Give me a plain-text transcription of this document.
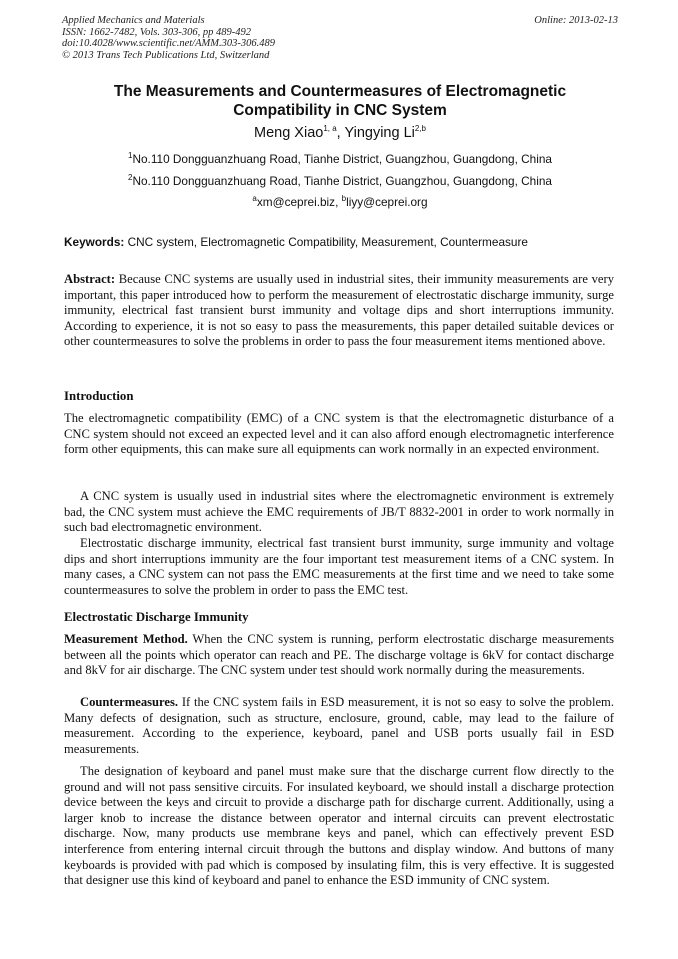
Applied Mechanics and Materials
ISSN: 1662-7482, Vols. 303-306, pp 489-492
doi:10.4028/www.scientific.net/AMM.303-306.489
© 2013 Trans Tech Publications Ltd, Switzerland
Online: 2013-02-13
The Measurements and Countermeasures of Electromagnetic
Compatibility in CNC System
Meng Xiao$^{1, a}$, Yingying Li$^{2,b}$
$^1$No.110 Dongguanzhuang Road, Tianhe District, Guangzhou, Guangdong, China
$^2$No.110 Dongguanzhuang Road, Tianhe District, Guangzhou, Guangdong, China
$^a$xm@ceprei.biz, $^b$liyy@ceprei.org
Keywords: CNC system, Electromagnetic Compatibility, Measurement, Countermeasure
Abstract: Because CNC systems are usually used in industrial sites, their immunity measurements are very important, this paper introduced how to perform the measurement of electrostatic discharge immunity, surge immunity, electrical fast transient burst immunity and voltage dips and short interruptions immunity. According to experience, it is not so easy to pass the measurements, this paper detailed suitable devices or other countermeasures to solve the problems in order to pass the four measurement items mentioned above.
Introduction
The electromagnetic compatibility (EMC) of a CNC system is that the electromagnetic disturbance of a CNC system should not exceed an expected level and it can also afford enough electromagnetic interference form other equipments, this can make sure all equipments can work normally in an expected environment.
A CNC system is usually used in industrial sites where the electromagnetic environment is extremely bad, the CNC system must achieve the EMC requirements of JB/T 8832-2001 in order to work normally in such bad electromagnetic environment.
Electrostatic discharge immunity, electrical fast transient burst immunity, surge immunity and voltage dips and short interruptions immunity are the four important test measurement items of a CNC system. In many cases, a CNC system can not pass the EMC measurements at the first time and we need to take some countermeasures to solve the problem in order to pass the EMC test.
Electrostatic Discharge Immunity
Measurement Method. When the CNC system is running, perform electrostatic discharge measurements between all the points which operator can reach and PE. The discharge voltage is 6kV for contact discharge and 8kV for air discharge. The CNC system under test should work normally during the measurements.
Countermeasures. If the CNC system fails in ESD measurement, it is not so easy to solve the problem. Many defects of designation, such as structure, enclosure, ground, cable, may lead to the failure of measurement. According to the experience, keyboard, panel and USB ports usually fail in ESD measurements.
The designation of keyboard and panel must make sure that the discharge current flow directly to the ground and will not pass sensitive circuits. For insulated keyboard, we should install a discharge protection device between the keys and circuit to provide a discharge path for discharge current. Additionally, using a larger knob to increase the distance between operator and internal circuits can prevent electrostatic discharge. Now, many products use membrane keys and panel, which can effectively prevent ESD interference from entering internal circuit through the buttons and display window. And buttons of many keyboards is provided with pad which is composed by insulating film, this is very effective. It is suggested that designer use this kind of keyboard and panel to enhance the ESD immunity of CNC system.
